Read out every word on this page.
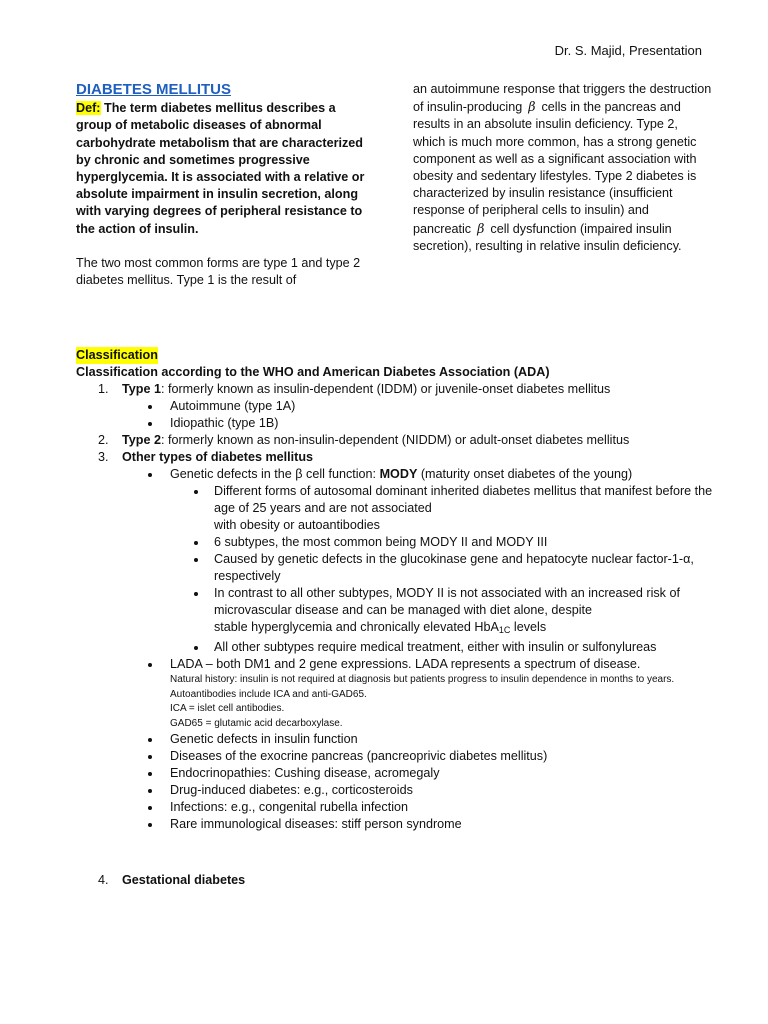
Dr. S. Majid, Presentation
DIABETES MELLITUS

Def: The term diabetes mellitus describes a group of metabolic diseases of abnormal carbohydrate metabolism that are characterized by chronic and sometimes progressive hyperglycemia. It is associated with a relative or absolute impairment in insulin secretion, along with varying degrees of peripheral resistance to the action of insulin.

The two most common forms are type 1 and type 2 diabetes mellitus. Type 1 is the result of

an autoimmune response that triggers the destruction of insulin-producing β cells in the pancreas and results in an absolute insulin deficiency. Type 2, which is much more common, has a strong genetic component as well as a significant association with obesity and sedentary lifestyles. Type 2 diabetes is characterized by insulin resistance (insufficient response of peripheral cells to insulin) and pancreatic β cell dysfunction (impaired insulin secretion), resulting in relative insulin deficiency.

Classification
Classification according to the WHO and American Diabetes Association (ADA)
1. Type 1: formerly known as insulin-dependent (IDDM) or juvenile-onset diabetes mellitus
Autoimmune (type 1A)
Idiopathic (type 1B)
2. Type 2: formerly known as non-insulin-dependent (NIDDM) or adult-onset diabetes mellitus
3. Other types of diabetes mellitus
Genetic defects in the β cell function: MODY (maturity onset diabetes of the young)
Different forms of autosomal dominant inherited diabetes mellitus that manifest before the age of 25 years and are not associated
with obesity or autoantibodies
6 subtypes, the most common being MODY II and MODY III
Caused by genetic defects in the glucokinase gene and hepatocyte nuclear factor-1-α, respectively
In contrast to all other subtypes, MODY II is not associated with an increased risk of microvascular disease and can be managed with diet alone, despite
stable hyperglycemia and chronically elevated HbA$_{1C}$ levels
All other subtypes require medical treatment, either with insulin or sulfonylureas
LADA – both DM1 and 2 gene expressions. LADA represents a spectrum of disease.
Natural history: insulin is not required at diagnosis but patients progress to insulin dependence in months to years.
Autoantibodies include ICA and anti-GAD65.
ICA = islet cell antibodies.
GAD65 = glutamic acid decarboxylase.
Genetic defects in insulin function
Diseases of the exocrine pancreas (pancreoprivic diabetes mellitus)
Endocrinopathies: Cushing disease, acromegaly
Drug-induced diabetes: e.g., corticosteroids
Infections: e.g., congenital rubella infection
Rare immunological diseases: stiff person syndrome
4. Gestational diabetes
